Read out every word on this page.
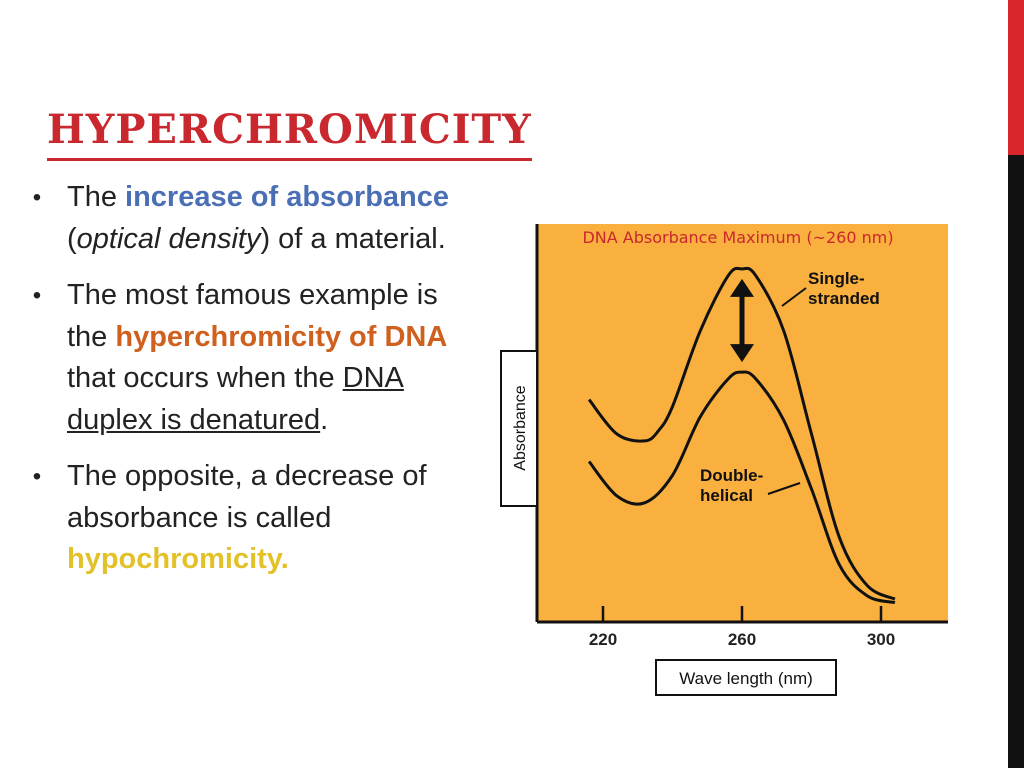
HYPERCHROMICITY
• The increase of absorbance (optical density) of a material.
• The most famous example is the hyperchromicity of DNA that occurs when the DNA duplex is denatured.
• The opposite, a decrease of absorbance is called hypochromicity.
DNA Absorbance Maximum (~260 nm)
220	260	300
Single-stranded
Double-helical
Absorbance
Wave length (nm)
